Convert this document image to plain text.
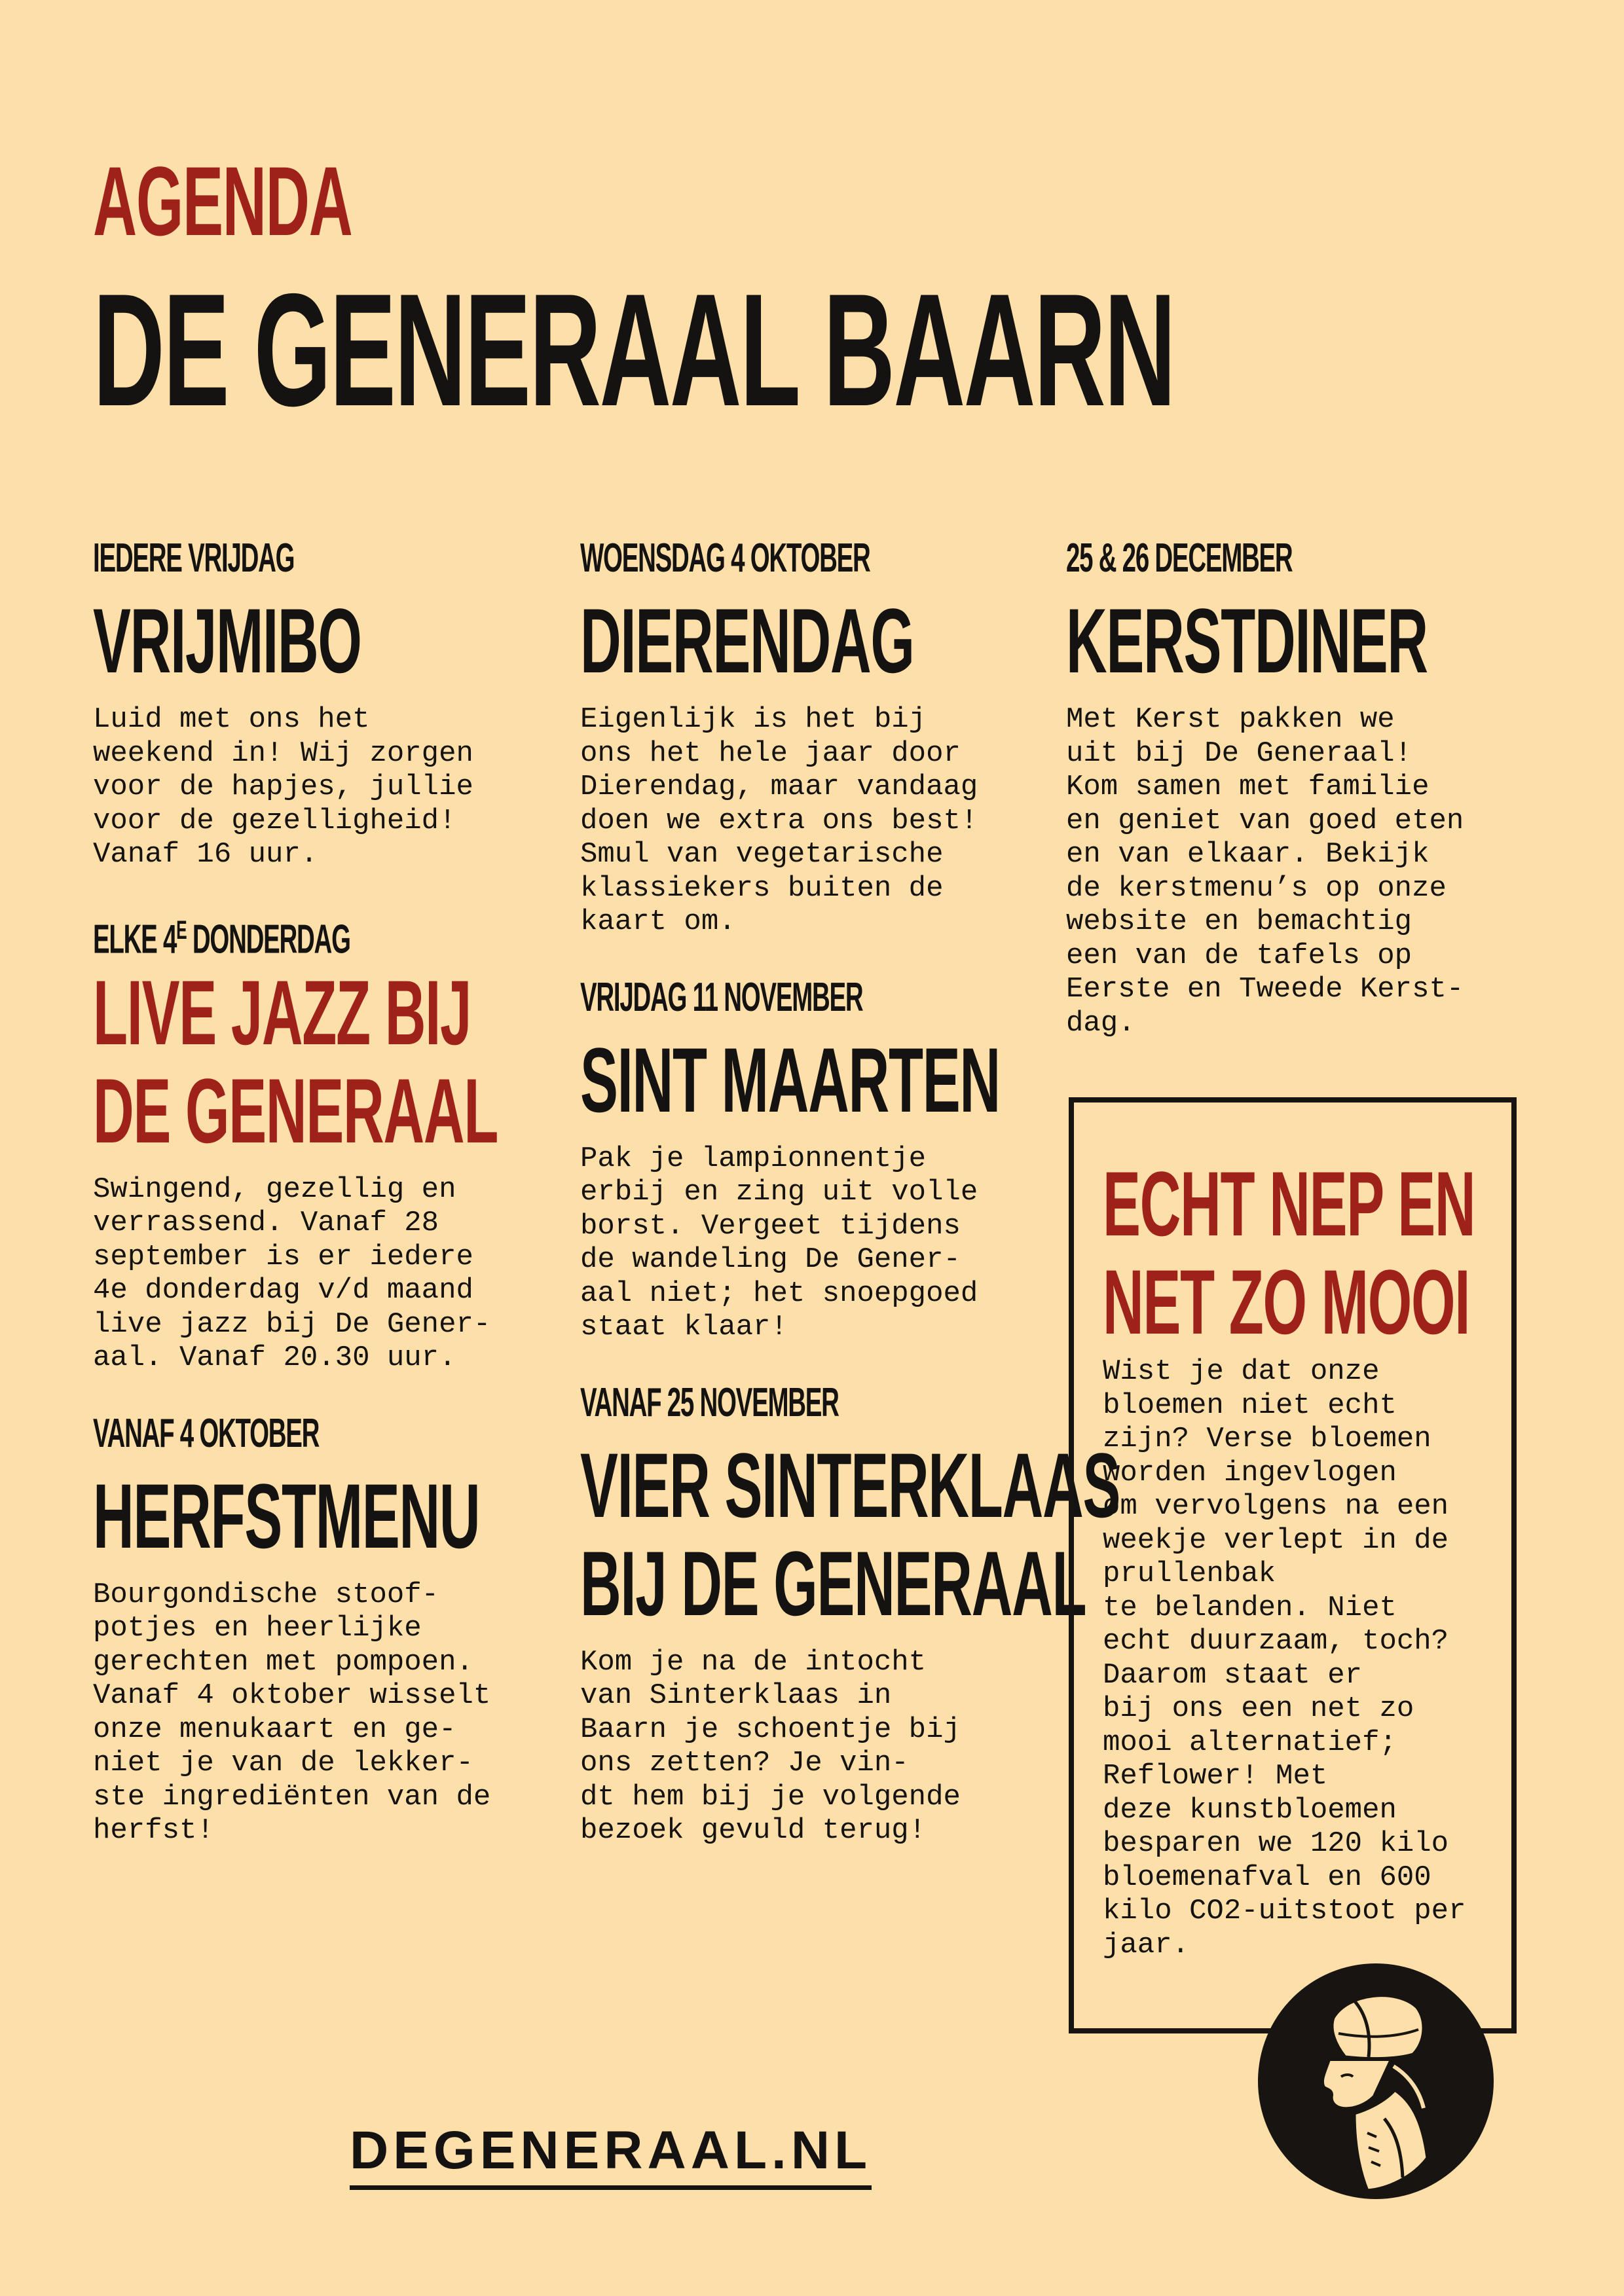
AGENDA
DE GENERAAL BAARN
IEDERE VRIJDAG
VRIJMIBO

Luid met ons het
weekend in! Wij zorgen
voor de hapjes, jullie
voor de gezelligheid!
Vanaf 16 uur.

ELKE $4^E$ DONDERDAG
LIVE JAZZ BIJ
DE GENERAAL

Swingend, gezellig en
verrassend. Vanaf 28
september is er iedere
4e donderdag v/d maand
live jazz bij De Gener-
aal. Vanaf 20.30 uur.

VANAF 4 OKTOBER
HERFSTMENU

Bourgondische stoof-
potjes en heerlijke
gerechten met pompoen.
Vanaf 4 oktober wisselt
onze menukaart en ge-
niet je van de lekker-
ste ingrediënten van de
herfst!

WOENSDAG 4 OKTOBER
DIERENDAG

Eigenlijk is het bij
ons het hele jaar door
Dierendag, maar vandaag
doen we extra ons best!
Smul van vegetarische
klassiekers buiten de
kaart om.

VRIJDAG 11 NOVEMBER
SINT MAARTEN

Pak je lampionnentje
erbij en zing uit volle
borst. Vergeet tijdens
de wandeling De Gener-
aal niet; het snoepgoed
staat klaar!

VANAF 25 NOVEMBER
VIER SINTERKLAAS
BIJ DE GENERAAL

Kom je na de intocht
van Sinterklaas in
Baarn je schoentje bij
ons zetten? Je vin-
dt hem bij je volgende
bezoek gevuld terug!

25 & 26 DECEMBER
KERSTDINER

Met Kerst pakken we
uit bij De Generaal!
Kom samen met familie
en geniet van goed eten
en van elkaar. Bekijk
de kerstmenu’s op onze
website en bemachtig
een van de tafels op
Eerste en Tweede Kerst-
dag.

ECHT NEP EN
NET ZO MOOI

Wist je dat onze
bloemen niet echt
zijn? Verse bloemen
worden ingevlogen
om vervolgens na een
weekje verlept in de
prullenbak
te belanden. Niet
echt duurzaam, toch?
Daarom staat er
bij ons een net zo
mooi alternatief;
Reflower! Met
deze kunstbloemen
besparen we 120 kilo
bloemenafval en 600
kilo CO2-uitstoot per
jaar.

DEGENERAAL.NL
